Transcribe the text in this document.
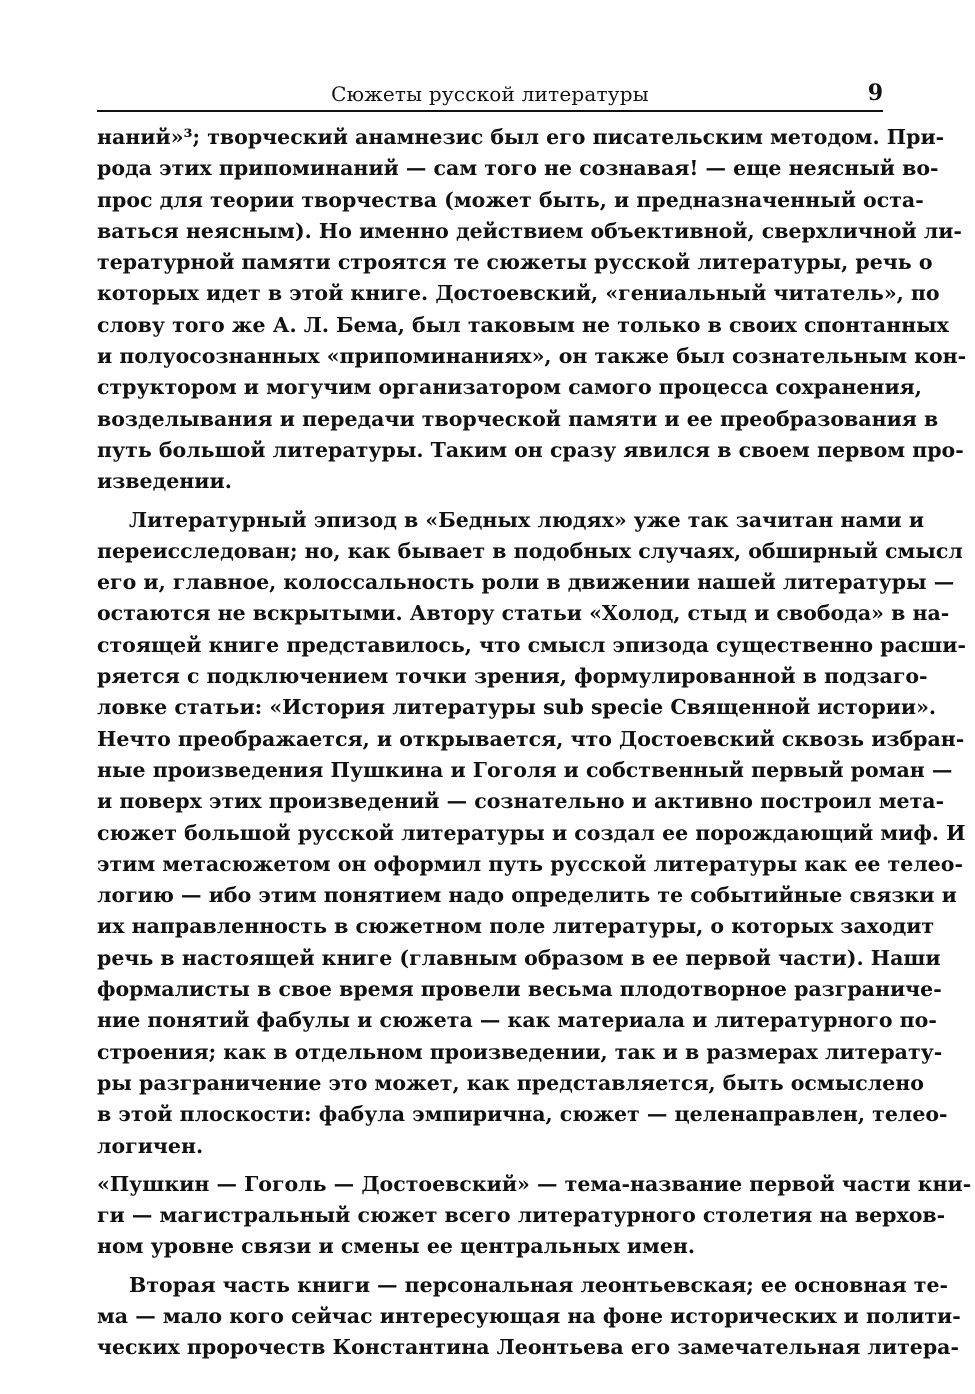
Сюжеты русской литературы	9
наний»³; творческий анамнезис был его писательским методом. При-
рода этих припоминаний — сам того не сознавая! — еще неясный во-
прос для теории творчества (может быть, и предназначенный оста-
ваться неясным). Но именно действием объективной, сверхличной ли-
тературной памяти строятся те сюжеты русской литературы, речь о
которых идет в этой книге. Достоевский, «гениальный читатель», по
слову того же А. Л. Бема, был таковым не только в своих спонтанных
и полуосознанных «припоминаниях», он также был сознательным кон-
структором и могучим организатором самого процесса сохранения,
возделывания и передачи творческой памяти и ее преобразования в
путь большой литературы. Таким он сразу явился в своем первом про-
изведении.
Литературный эпизод в «Бедных людях» уже так зачитан нами и
переисследован; но, как бывает в подобных случаях, обширный смысл
его и, главное, колоссальность роли в движении нашей литературы —
остаются не вскрытыми. Автору статьи «Холод, стыд и свобода» в на-
стоящей книге представилось, что смысл эпизода существенно расши-
ряется с подключением точки зрения, формулированной в подзаго-
ловке статьи: «История литературы sub specie Священной истории».
Нечто преображается, и открывается, что Достоевский сквозь избран-
ные произведения Пушкина и Гоголя и собственный первый роман —
и поверх этих произведений — сознательно и активно построил мета-
сюжет большой русской литературы и создал ее порождающий миф. И
этим метасюжетом он оформил путь русской литературы как ее телео-
логию — ибо этим понятием надо определить те событийные связки и
их направленность в сюжетном поле литературы, о которых заходит
речь в настоящей книге (главным образом в ее первой части). Наши
формалисты в свое время провели весьма плодотворное разграниче-
ние понятий фабулы и сюжета — как материала и литературного по-
строения; как в отдельном произведении, так и в размерах литерату-
ры разграничение это может, как представляется, быть осмыслено
в этой плоскости: фабула эмпирична, сюжет — целенаправлен, телео-
логичен.
«Пушкин — Гоголь — Достоевский» — тема-название первой части кни-
ги — магистральный сюжет всего литературного столетия на верхов-
ном уровне связи и смены ее центральных имен.
Вторая часть книги — персональная леонтьевская; ее основная те-
ма — мало кого сейчас интересующая на фоне исторических и полити-
ческих пророчеств Константина Леонтьева его замечательная литера-
